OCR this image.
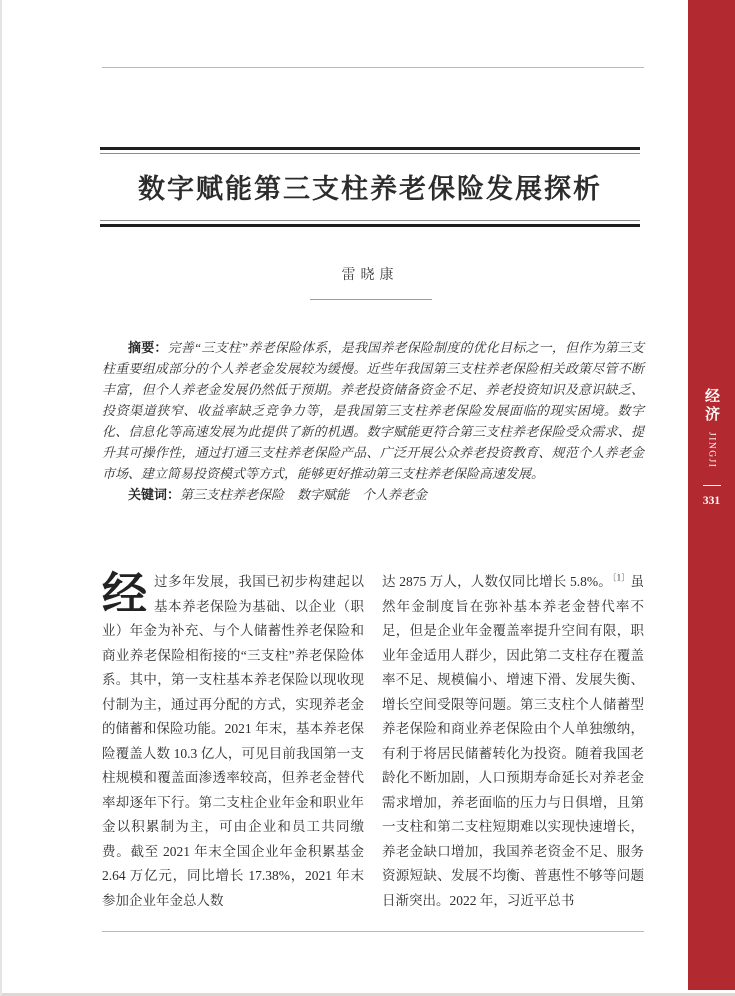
数字赋能第三支柱养老保险发展探析
雷晓康

摘要：完善“三支柱”养老保险体系，是我国养老保险制度的优化目标之一，但作为第三支柱重要组成部分的个人养老金发展较为缓慢。近些年我国第三支柱养老保险相关政策尽管不断丰富，但个人养老金发展仍然低于预期。养老投资储备资金不足、养老投资知识及意识缺乏、投资渠道狭窄、收益率缺乏竞争力等，是我国第三支柱养老保险发展面临的现实困境。数字化、信息化等高速发展为此提供了新的机遇。数字赋能更符合第三支柱养老保险受众需求、提升其可操作性，通过打通三支柱养老保险产品、广泛开展公众养老投资教育、规范个人养老金市场、建立简易投资模式等方式，能够更好推动第三支柱养老保险高速发展。

关键词：第三支柱养老保险　数字赋能　个人养老金

经过多年发展，我国已初步构建起以基本养老保险为基础、以企业（职业）年金为补充、与个人储蓄性养老保险和商业养老保险相衔接的“三支柱”养老保险体系。其中，第一支柱基本养老保险以现收现付制为主，通过再分配的方式，实现养老金的储蓄和保险功能。2021 年末，基本养老保险覆盖人数 10.3 亿人，可见目前我国第一支柱规模和覆盖面渗透率较高，但养老金替代率却逐年下行。第二支柱企业年金和职业年金以积累制为主，可由企业和员工共同缴费。截至 2021 年末全国企业年金积累基金 2.64 万亿元，同比增长 17.38%，2021 年末参加企业年金总人数
达 2875 万人，人数仅同比增长 5.8%。$^{〔1〕}$虽然年金制度旨在弥补基本养老金替代率不足，但是企业年金覆盖率提升空间有限，职业年金适用人群少，因此第二支柱存在覆盖率不足、规模偏小、增速下滑、发展失衡、增长空间受限等问题。第三支柱个人储蓄型养老保险和商业养老保险由个人单独缴纳，有利于将居民储蓄转化为投资。随着我国老龄化不断加剧，人口预期寿命延长对养老金需求增加，养老面临的压力与日俱增，且第一支柱和第二支柱短期难以实现快速增长，养老金缺口增加，我国养老资金不足、服务资源短缺、发展不均衡、普惠性不够等问题日渐突出。2022 年，习近平总书
经济
JINGJI
331
